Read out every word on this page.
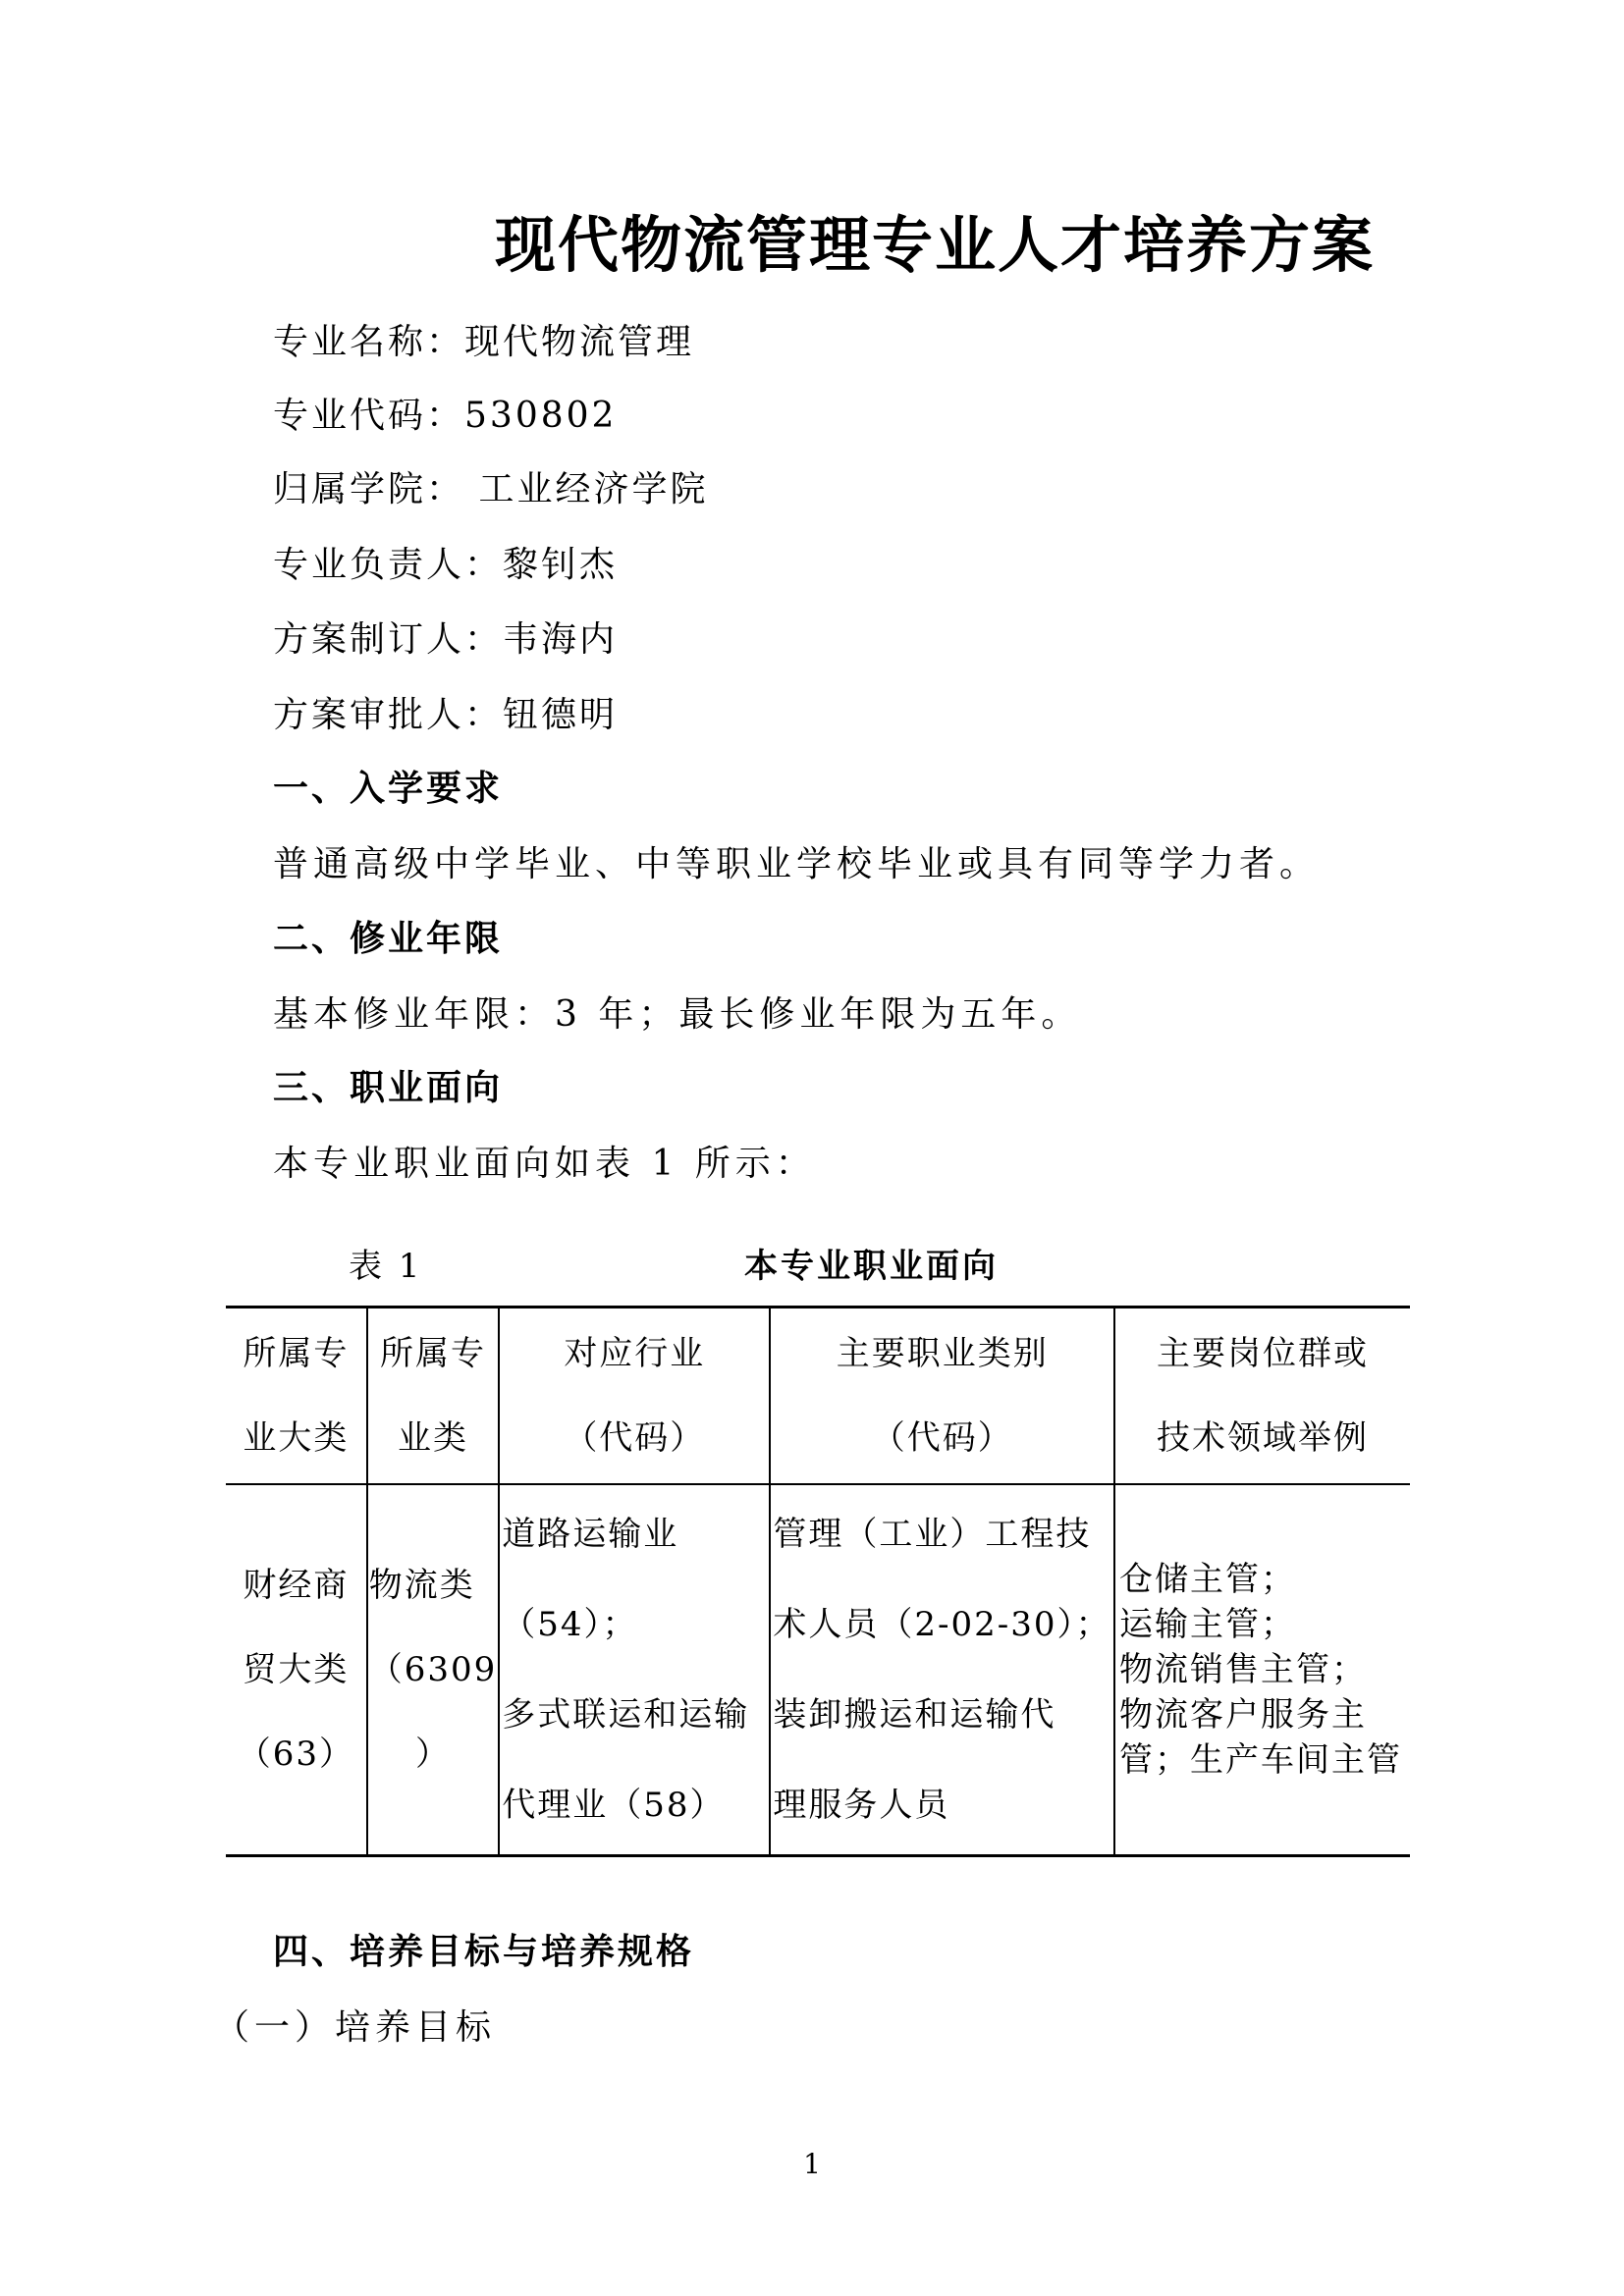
现代物流管理专业人才培养方案
专业名称：现代物流管理
专业代码：530802
归属学院： 工业经济学院
专业负责人：黎钊杰
方案制订人：韦海内
方案审批人：钮德明
一、入学要求
普通高级中学毕业、中等职业学校毕业或具有同等学力者。
二、修业年限
基本修业年限：3 年；最长修业年限为五年。
三、职业面向
本专业职业面向如表 1 所示：
表 1	本专业职业面向
所属专
业大类	所属专
业类	对应行业
（代码）	主要职业类别
（代码）	主要岗位群或
技术领域举例

财经商
贸大类
（63）	物流类
（6309
）	道路运输业
（54）；
多式联运和运输
代理业（58）	管理（工业）工程技
术人员（2-02-30）；
装卸搬运和运输代
理服务人员	仓储主管；
运输主管；
物流销售主管；
物流客户服务主
管；生产车间主管
四、培养目标与培养规格
（一）培养目标
1
